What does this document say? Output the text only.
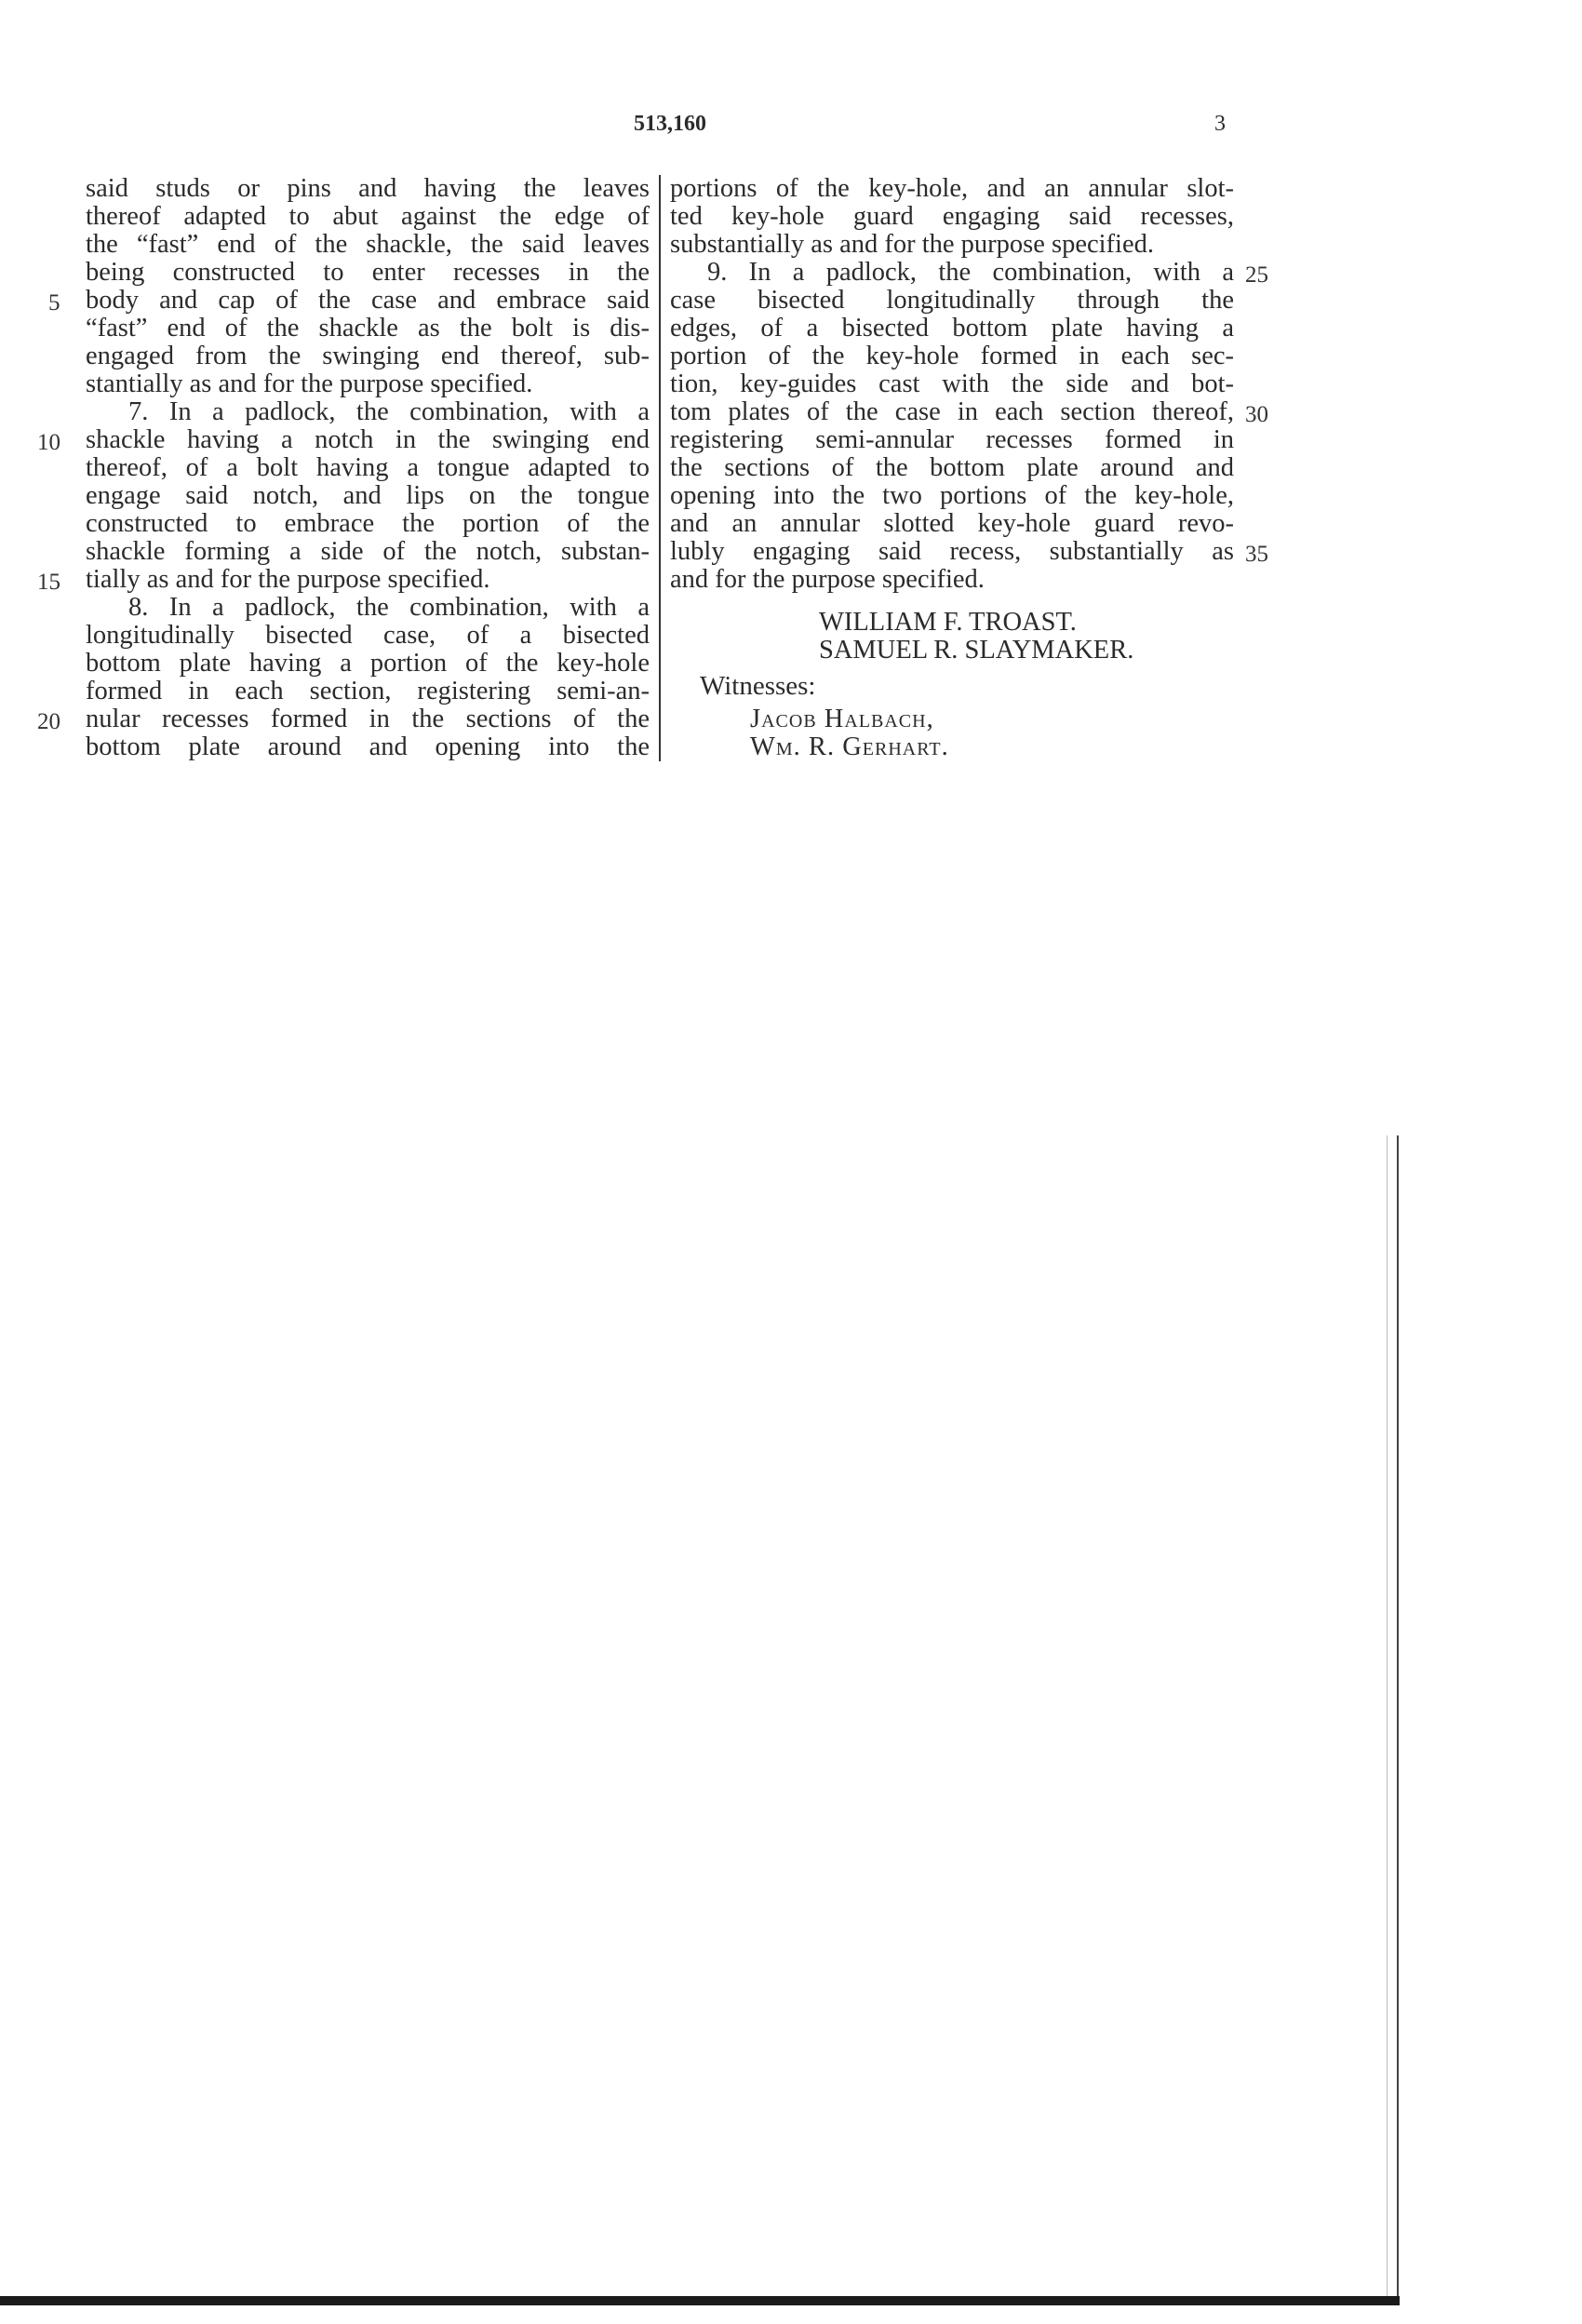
513,160	3
said studs or pins and having the leaves
thereof adapted to abut against the edge of
the “fast” end of the shackle, the said leaves
being constructed to enter recesses in the
body and cap of the case and embrace said
“fast” end of the shackle as the bolt is dis-
engaged from the swinging end thereof, sub-
stantially as and for the purpose specified.
7. In a padlock, the combination, with a
shackle having a notch in the swinging end
thereof, of a bolt having a tongue adapted to
engage said notch, and lips on the tongue
constructed to embrace the portion of the
shackle forming a side of the notch, substan-
tially as and for the purpose specified.
8. In a padlock, the combination, with a
longitudinally bisected case, of a bisected
bottom plate having a portion of the key-hole
formed in each section, registering semi-an-
nular recesses formed in the sections of the
bottom plate around and opening into the
5
10
15
20
portions of the key-hole, and an annular slot-
ted key-hole guard engaging said recesses,
substantially as and for the purpose specified.
9. In a padlock, the combination, with a
case bisected longitudinally through the
edges, of a bisected bottom plate having a
portion of the key-hole formed in each sec-
tion, key-guides cast with the side and bot-
tom plates of the case in each section thereof,
registering semi-annular recesses formed in
the sections of the bottom plate around and
opening into the two portions of the key-hole,
and an annular slotted key-hole guard revo-
lubly engaging said recess, substantially as
and for the purpose specified.
25
30
35
WILLIAM F. TROAST.
SAMUEL R. SLAYMAKER.
Witnesses:
Jacob Halbach,
Wm. R. Gerhart.
